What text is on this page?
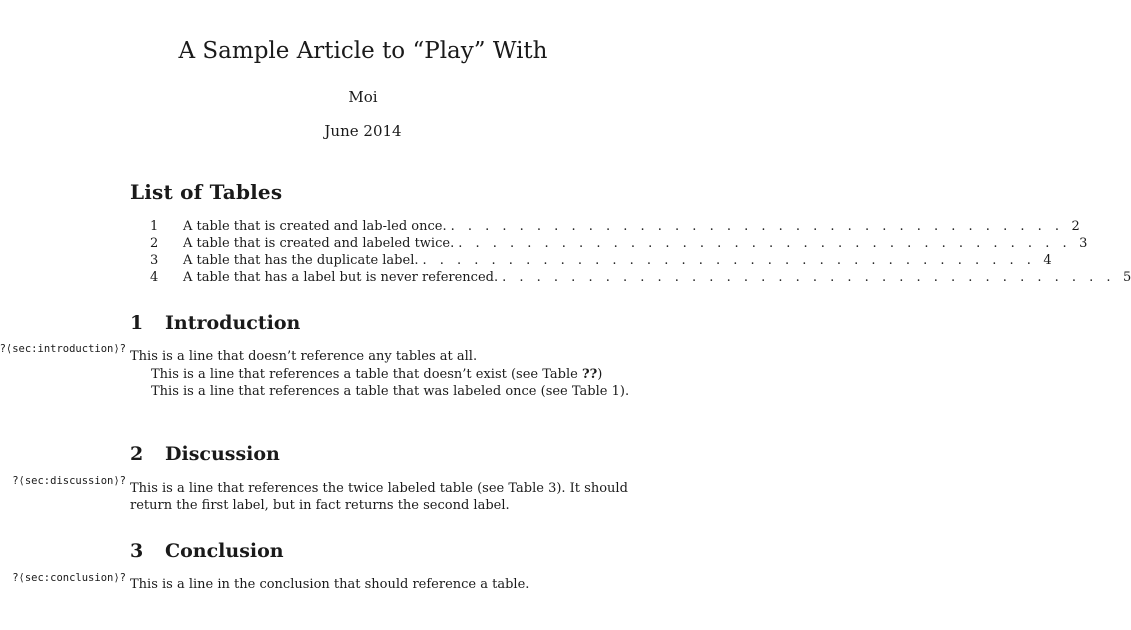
A Sample Article to “Play” With
Moi
June 2014
List of Tables
1	A table that is created and lab-led once. . . . . . . . . . . . . . . . . . . . . . . . . . . . . . . . . . . . . 2
2	A table that is created and labeled twice. . . . . . . . . . . . . . . . . . . . . . . . . . . . . . . . . . . . . 3
3	A table that has the duplicate label. . . . . . . . . . . . . . . . . . . . . . . . . . . . . . . . . . . . . 4
4	A table that has a label but is never referenced. . . . . . . . . . . . . . . . . . . . . . . . . . . . . . . . . . . . . 5
1 Introduction
?⟨sec:introduction⟩? This is a line that doesn’t reference any tables at all.
This is a line that references a table that doesn’t exist (see Table ??)
This is a line that references a table that was labeled once (see Table 1).
2 Discussion
?⟨sec:discussion⟩? This is a line that references the twice labeled table (see Table 3). It should
return the first label, but in fact returns the second label.
3 Conclusion
?⟨sec:conclusion⟩? This is a line in the conclusion that should reference a table.
